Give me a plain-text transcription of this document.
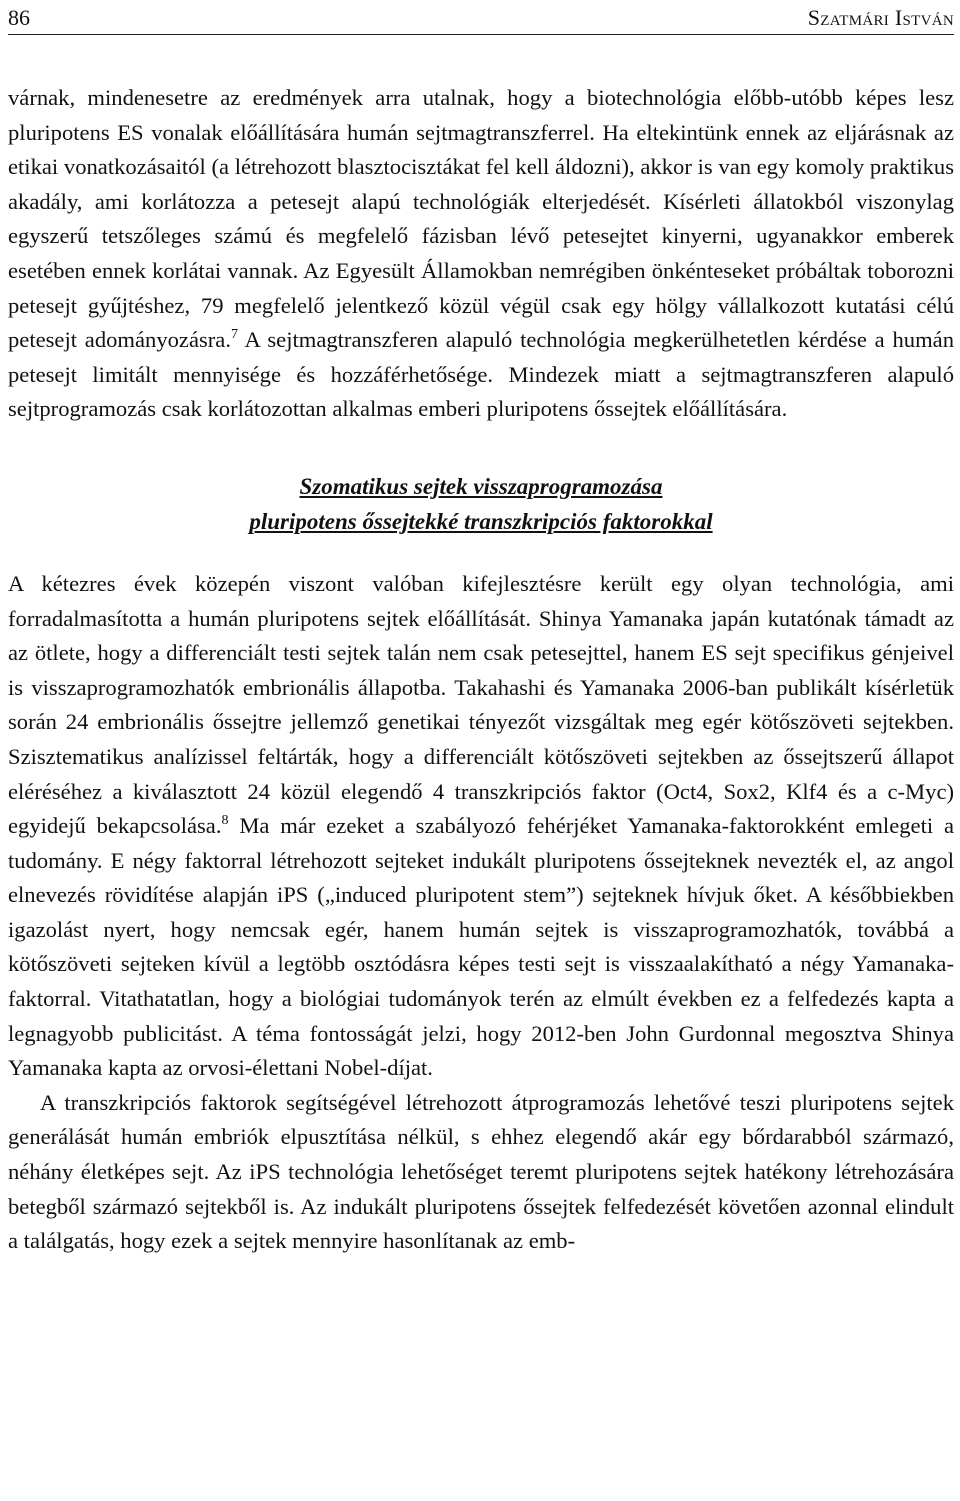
86	Szatmári István

várnak, mindenesetre az eredmények arra utalnak, hogy a biotechnológia előbb-utóbb képes lesz pluripotens ES vonalak előállítására humán sejtmagtranszferrel. Ha eltekintünk ennek az eljárásnak az etikai vonatkozásaitól (a létrehozott blasztocisztákat fel kell áldozni), akkor is van egy komoly praktikus akadály, ami korlátozza a petesejt alapú technológiák elterjedését. Kísérleti állatokból viszonylag egyszerű tetszőleges számú és megfelelő fázisban lévő petesejtet kinyerni, ugyanakkor emberek esetében ennek korlátai vannak. Az Egyesült Államokban nemrégiben önkénteseket próbáltak toborozni petesejt gyűjtéshez, 79 megfelelő jelentkező közül végül csak egy hölgy vállalkozott kutatási célú petesejt adományozásra.$^7$ A sejtmagtranszferen alapuló technológia megkerülhetetlen kérdése a humán petesejt limitált mennyisége és hozzáférhetősége. Mindezek miatt a sejtmagtranszferen alapuló sejtprogramozás csak korlátozottan alkalmas emberi pluripotens őssejtek előállítására.

Szomatikus sejtek visszaprogramozása
pluripotens őssejtekké transzkripciós faktorokkal

A kétezres évek közepén viszont valóban kifejlesztésre került egy olyan technológia, ami forradalmasította a humán pluripotens sejtek előállítását. Shinya Yamanaka japán kutatónak támadt az az ötlete, hogy a differenciált testi sejtek talán nem csak petesejttel, hanem ES sejt specifikus génjeivel is visszaprogramozhatók embrionális állapotba. Takahashi és Yamanaka 2006-ban publikált kísérletük során 24 embrionális őssejtre jellemző genetikai tényezőt vizsgáltak meg egér kötőszöveti sejtekben. Szisztematikus analízissel feltárták, hogy a differenciált kötőszöveti sejtekben az őssejtszerű állapot eléréséhez a kiválasztott 24 közül elegendő 4 transzkripciós faktor (Oct4, Sox2, Klf4 és a c-Myc) egyidejű bekapcsolása.$^8$ Ma már ezeket a szabályozó fehérjéket Yamanaka-faktorokként emlegeti a tudomány. E négy faktorral létrehozott sejteket indukált pluripotens őssejteknek nevezték el, az angol elnevezés rövidítése alapján iPS („induced pluripotent stem”) sejteknek hívjuk őket. A későbbiekben igazolást nyert, hogy nemcsak egér, hanem humán sejtek is visszaprogramozhatók, továbbá a kötőszöveti sejteken kívül a legtöbb osztódásra képes testi sejt is visszaalakítható a négy Yamanaka-faktorral. Vitathatatlan, hogy a biológiai tudományok terén az elmúlt években ez a felfedezés kapta a legnagyobb publicitást. A téma fontosságát jelzi, hogy 2012-ben John Gurdonnal megosztva Shinya Yamanaka kapta az orvosi-élettani Nobel-díjat.

A transzkripciós faktorok segítségével létrehozott átprogramozás lehetővé teszi pluripotens sejtek generálását humán embriók elpusztítása nélkül, s ehhez elegendő akár egy bőrdarabból származó, néhány életképes sejt. Az iPS technológia lehetőséget teremt pluripotens sejtek hatékony létrehozására betegből származó sejtekből is. Az indukált pluripotens őssejtek felfedezését követően azonnal elindult a találgatás, hogy ezek a sejtek mennyire hasonlítanak az emb-
